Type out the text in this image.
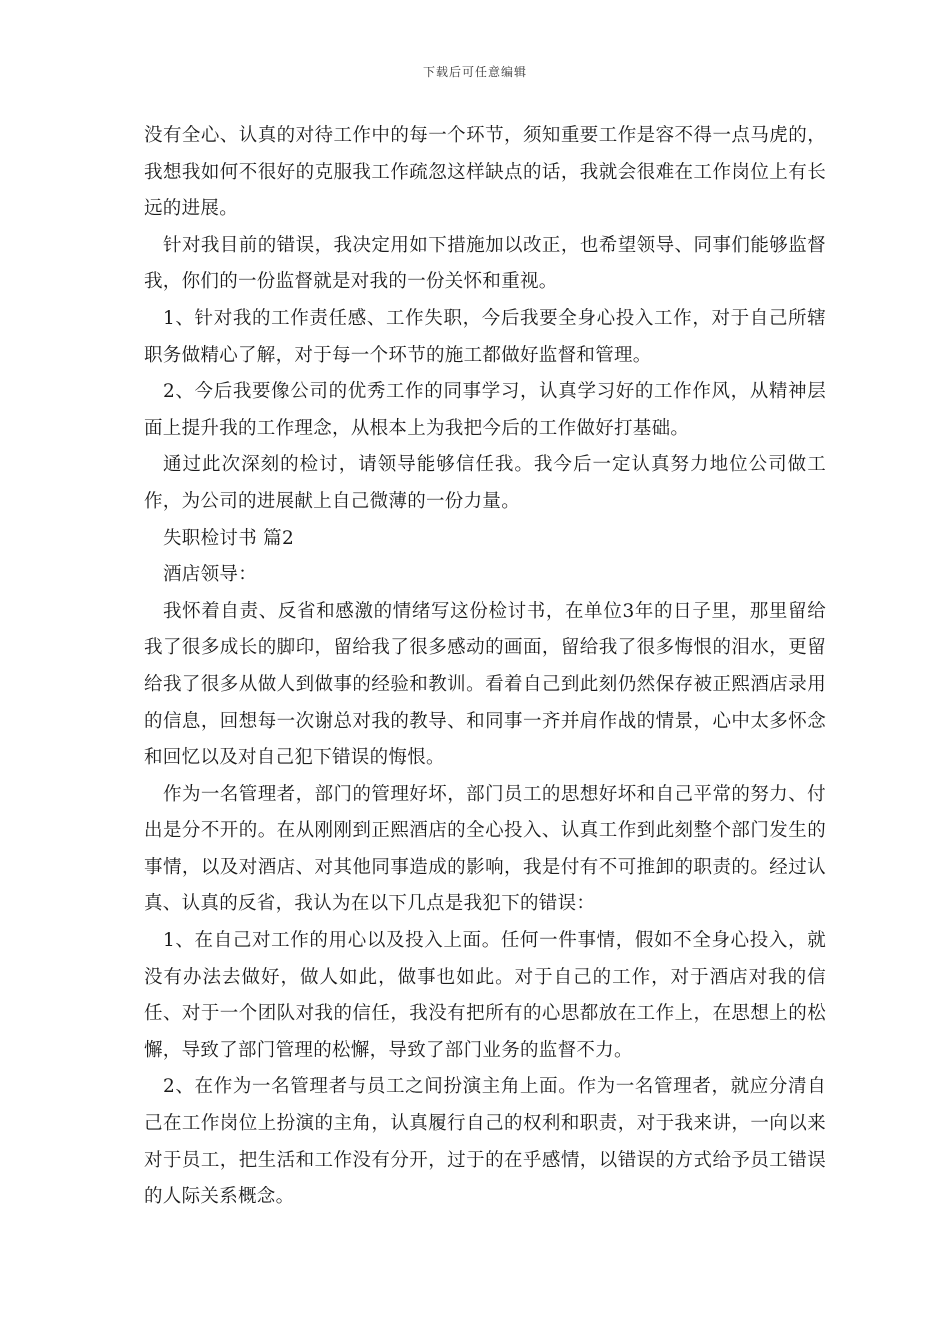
下载后可任意编辑

没有全心、认真的对待工作中的每一个环节，须知重要工作是容不得一点马虎的，我想我如何不很好的克服我工作疏忽这样缺点的话，我就会很难在工作岗位上有长远的进展。

针对我目前的错误，我决定用如下措施加以改正，也希望领导、同事们能够监督我，你们的一份监督就是对我的一份关怀和重视。

1、针对我的工作责任感、工作失职，今后我要全身心投入工作，对于自己所辖职务做精心了解，对于每一个环节的施工都做好监督和管理。

2、今后我要像公司的优秀工作的同事学习，认真学习好的工作作风，从精神层面上提升我的工作理念，从根本上为我把今后的工作做好打基础。

通过此次深刻的检讨，请领导能够信任我。我今后一定认真努力地位公司做工作，为公司的进展献上自己微薄的一份力量。

失职检讨书 篇2

酒店领导：

我怀着自责、反省和感激的情绪写这份检讨书，在单位3年的日子里，那里留给我了很多成长的脚印，留给我了很多感动的画面，留给我了很多悔恨的泪水，更留给我了很多从做人到做事的经验和教训。看着自己到此刻仍然保存被正熙酒店录用的信息，回想每一次谢总对我的教导、和同事一齐并肩作战的情景，心中太多怀念和回忆以及对自己犯下错误的悔恨。

作为一名管理者，部门的管理好坏，部门员工的思想好坏和自己平常的努力、付出是分不开的。在从刚刚到正熙酒店的全心投入、认真工作到此刻整个部门发生的事情，以及对酒店、对其他同事造成的影响，我是付有不可推卸的职责的。经过认真、认真的反省，我认为在以下几点是我犯下的错误：

1、在自己对工作的用心以及投入上面。任何一件事情，假如不全身心投入，就没有办法去做好，做人如此，做事也如此。对于自己的工作，对于酒店对我的信任、对于一个团队对我的信任，我没有把所有的心思都放在工作上，在思想上的松懈，导致了部门管理的松懈，导致了部门业务的监督不力。

2、在作为一名管理者与员工之间扮演主角上面。作为一名管理者，就应分清自己在工作岗位上扮演的主角，认真履行自己的权利和职责，对于我来讲，一向以来对于员工，把生活和工作没有分开，过于的在乎感情，以错误的方式给予员工错误的人际关系概念。
